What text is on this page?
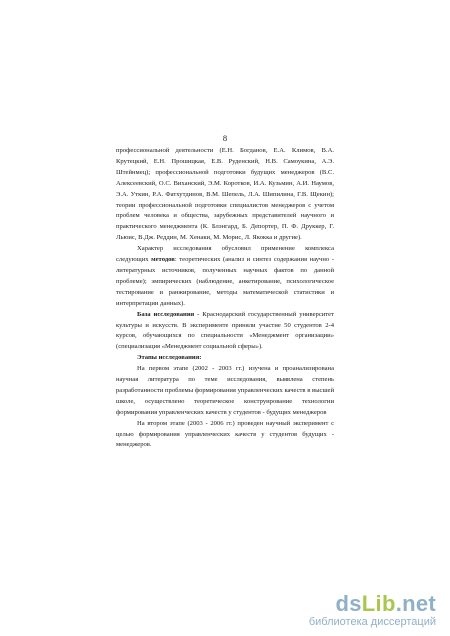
8

профессиональной деятельности (Е.Н. Богданов, Е.А. Климов, В.А. Крутецкий, Е.Н. Прошицкая, Е.В. Руденский, Н.В. Самоукина, А.Э. Штейнмец); профессиональной подготовки будущих менеджеров (В.С. Алексеевский, О.С. Виханский, Э.М. Коротков, И.А. Кузьмин, А.И. Наумов, Э.А. Уткин, Р.А. Фатхутдинов, В.М. Шепель, Л.А. Шипилина, Г.В. Щекин); теории профессиональной подготовки специалистов менеджеров с учетом проблем человека и общества, зарубежных представителей научного и практического менеджмента (К. Блэнгард, Б. Депортер, П. Ф. Друккер, Г. Льюис, В.Дж. Реддин, М. Хенаки, М. Морис, Л. Якокка и другие).

Характер исследования обусловил применение комплекса следующих методов: теоретических (анализ и синтез содержания научно - литературных источников, полученных научных фактов по данной проблеме); эмпирических (наблюдение, анкетирование, психологическое тестирование и ранжирование, методы математической статистики и интерпретации данных).

База исследования - Краснодарский государственный университет культуры и искусств. В эксперименте приняли участие 50 студентов 2-4 курсов, обучающихся по специальности «Менеджмент организации» (специализация «Менеджмент социальной сферы»).

Этапы исследования:

На первом этапе (2002 - 2003 гг.) изучена и проанализирована научная литература по теме исследования, выявлена степень разработанности проблемы формирования управленческих качеств в высшей школе, осуществлено теоретическое конструирование технологии формирования управленческих качеств у студентов - будущих менеджеров

На втором этапе (2003 - 2006 гг.) проведен научный эксперимент с целью формирования управленческих качеств у студентов будущих - менеджеров.

dsLib.net
библиотека диссертаций
